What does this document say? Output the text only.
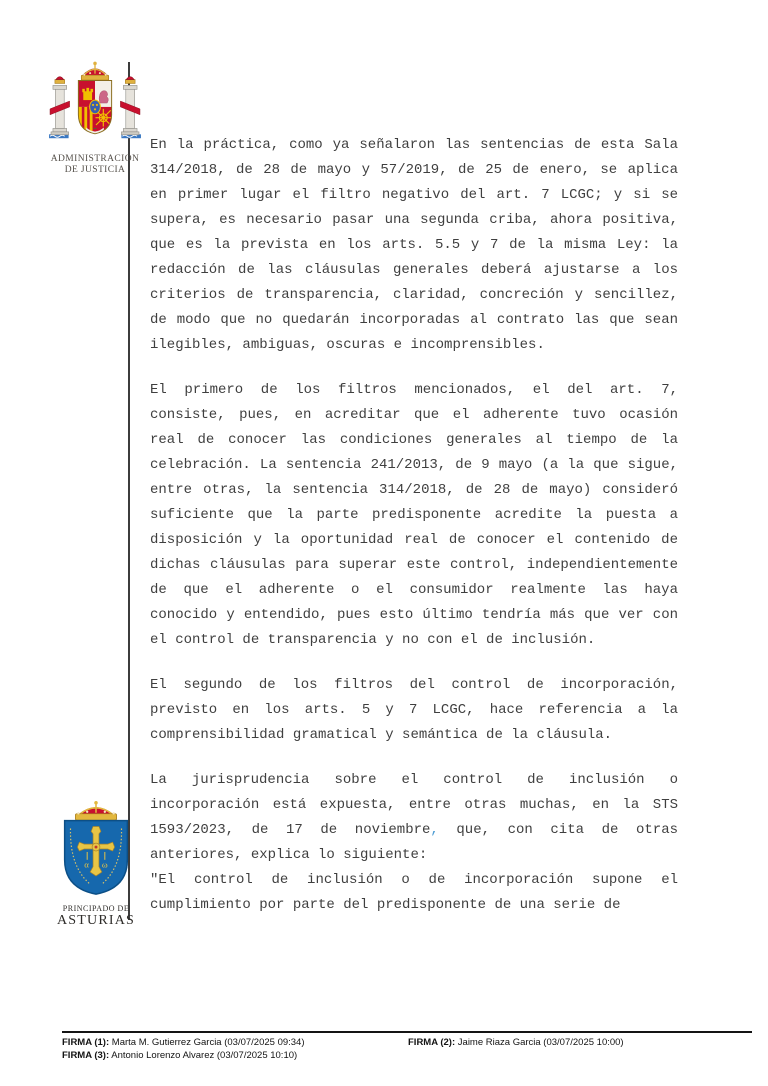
ADMINISTRACION
DE JUSTICIA
α ω
PRINCIPADO DE
ASTURIAS

En la práctica, como ya señalaron las sentencias de esta Sala 314/2018, de 28 de mayo y 57/2019, de 25 de enero, se aplica en primer lugar el filtro negativo del art. 7 LCGC; y si se supera, es necesario pasar una segunda criba, ahora positiva, que es la prevista en los arts. 5.5 y 7 de la misma Ley: la redacción de las cláusulas generales deberá ajustarse a los criterios de transparencia, claridad, concreción y sencillez, de modo que no quedarán incorporadas al contrato las que sean ilegibles, ambiguas, oscuras e incomprensibles.

El primero de los filtros mencionados, el del art. 7, consiste, pues, en acreditar que el adherente tuvo ocasión real de conocer las condiciones generales al tiempo de la celebración. La sentencia 241/2013, de 9 mayo (a la que sigue, entre otras, la sentencia 314/2018, de 28 de mayo) consideró suficiente que la parte predisponente acredite la puesta a disposición y la oportunidad real de conocer el contenido de dichas cláusulas para superar este control, independientemente de que el adherente o el consumidor realmente las haya conocido y entendido, pues esto último tendría más que ver con el control de transparencia y no con el de inclusión.

El segundo de los filtros del control de incorporación, previsto en los arts. 5 y 7 LCGC, hace referencia a la comprensibilidad gramatical y semántica de la cláusula.

La jurisprudencia sobre el control de inclusión o incorporación está expuesta, entre otras muchas, en la STS 1593/2023, de 17 de noviembre, que, con cita de otras anteriores, explica lo siguiente:

"El control de inclusión o de incorporación supone el cumplimiento por parte del predisponente de una serie de

FIRMA (1): Marta M. Gutierrez Garcia (03/07/2025 09:34)	FIRMA (2): Jaime Riaza Garcia (03/07/2025 10:00)
FIRMA (3): Antonio Lorenzo Alvarez (03/07/2025 10:10)
